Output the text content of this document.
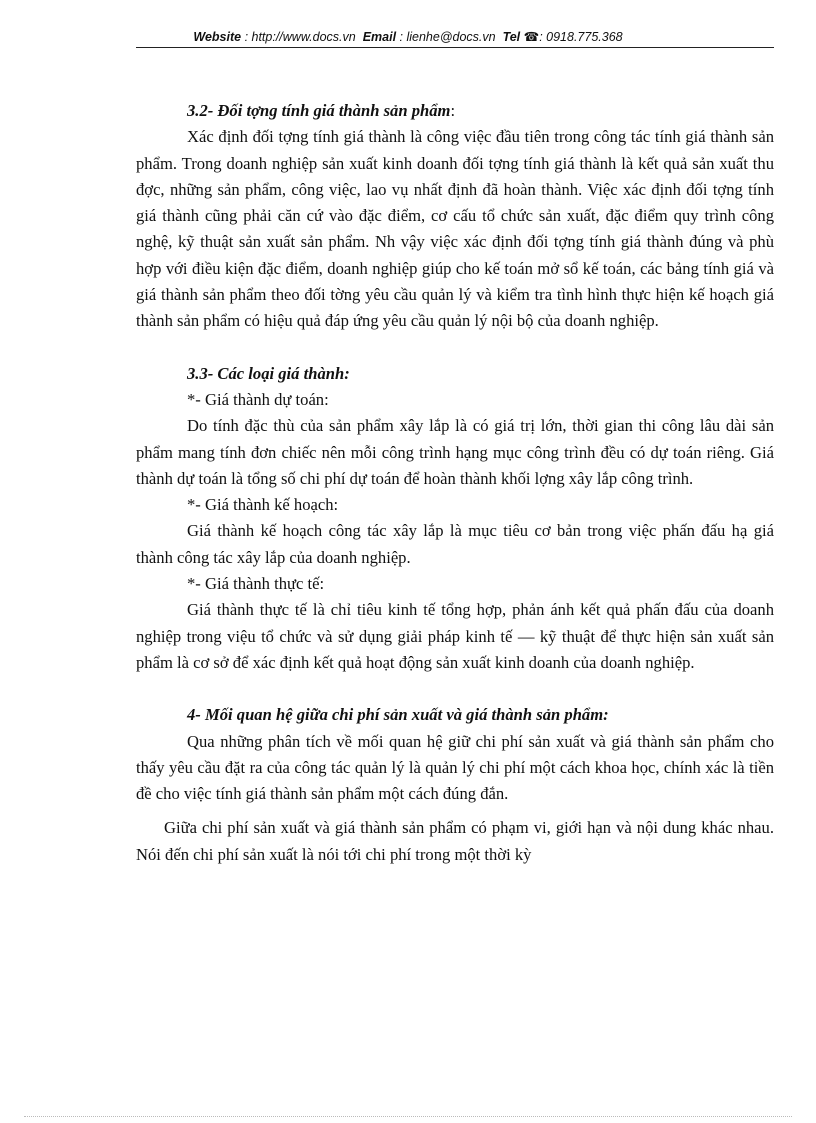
Website : http://www.docs.vn Email : lienhe@docs.vn Tel ☎: 0918.775.368

3.2- Đối tợng tính giá thành sản phẩm:

Xác định đối tợng tính giá thành là công việc đầu tiên trong công tác tính giá thành sản phẩm. Trong doanh nghiệp sản xuất kinh doanh đối tợng tính giá thành là kết quả sản xuất thu đợc, những sản phẩm, công việc, lao vụ nhất định đã hoàn thành. Việc xác định đối tợng tính giá thành cũng phải căn cứ vào đặc điểm, cơ cấu tổ chức sản xuất, đặc điểm quy trình công nghệ, kỹ thuật sản xuất sản phẩm. Nh vậy việc xác định đối tợng tính giá thành đúng và phù hợp với điều kiện đặc điểm, doanh nghiệp giúp cho kế toán mở sổ kế toán, các bảng tính giá và giá thành sản phẩm theo đối tờng yêu cầu quản lý và kiểm tra tình hình thực hiện kế hoạch giá thành sản phẩm có hiệu quả đáp ứng yêu cầu quản lý nội bộ của doanh nghiệp.

3.3- Các loại giá thành:

*- Giá thành dự toán:

Do tính đặc thù của sản phẩm xây lắp là có giá trị lớn, thời gian thi công lâu dài sản phẩm mang tính đơn chiếc nên mỗi công trình hạng mục công trình đều có dự toán riêng. Giá thành dự toán là tổng số chi phí dự toán để hoàn thành khối lợng xây lắp công trình.

*- Giá thành kế hoạch:

Giá thành kế hoạch công tác xây lắp là mục tiêu cơ bản trong việc phấn đấu hạ giá thành công tác xây lắp của doanh nghiệp.

*- Giá thành thực tế:

Giá thành thực tế là chỉ tiêu kinh tế tổng hợp, phản ánh kết quả phấn đấu của doanh nghiệp trong việu tổ chức và sử dụng giải pháp kinh tế — kỹ thuật để thực hiện sản xuất sản phẩm là cơ sở để xác định kết quả hoạt động sản xuất kinh doanh của doanh nghiệp.

4- Mối quan hệ giữa chi phí sản xuất và giá thành sản phẩm:

Qua những phân tích về mối quan hệ giữ chi phí sản xuất và giá thành sản phẩm cho thấy yêu cầu đặt ra của công tác quản lý là quản lý chi phí một cách khoa học, chính xác là tiền đề cho việc tính giá thành sản phẩm một cách đúng đắn.

Giữa chi phí sản xuất và giá thành sản phẩm có phạm vi, giới hạn và nội dung khác nhau. Nói đến chi phí sản xuất là nói tới chi phí trong một thời kỳ
